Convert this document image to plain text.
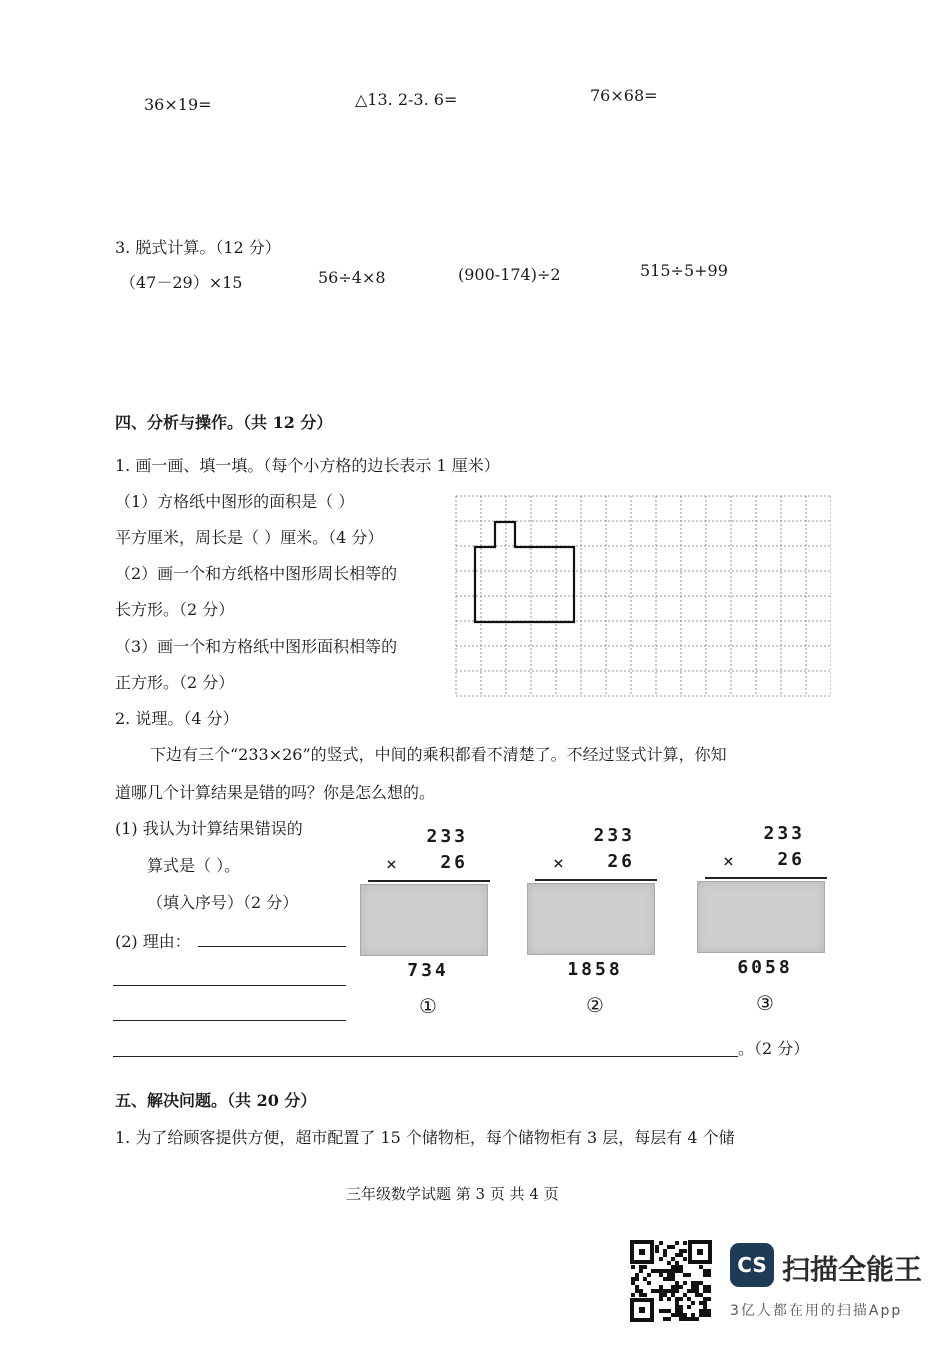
36×19=	△13. 2-3. 6=	76×68=
3. 脱式计算。（12 分）
（47－29）×15	56÷4×8	(900-174)÷2	515÷5+99
四、分析与操作。（共 12 分）
1. 画一画、填一填。（每个小方格的边长表示 1 厘米）
（1）方格纸中图形的面积是（ ）
平方厘米，周长是（ ）厘米。（4 分）
（2）画一个和方纸格中图形周长相等的
长方形。（2 分）
（3）画一个和方格纸中图形面积相等的
正方形。（2 分）
2. 说理。（4 分）
下边有三个“233×26”的竖式，中间的乘积都看不清楚了。不经过竖式计算，你知
道哪几个计算结果是错的吗？你是怎么想的。
(1) 我认为计算结果错误的
算式是（ ）。
（填入序号）（2 分）
(2) 理由：
。（2 分）
233
× 26
734
①
233
× 26
1858
②
233
× 26
6058
③
五、解决问题。（共 20 分）
1. 为了给顾客提供方便，超市配置了 15 个储物柜，每个储物柜有 3 层，每层有 4 个储
三年级数学试题 第 3 页 共 4 页
CS 扫描全能王
3亿人都在用的扫描App
